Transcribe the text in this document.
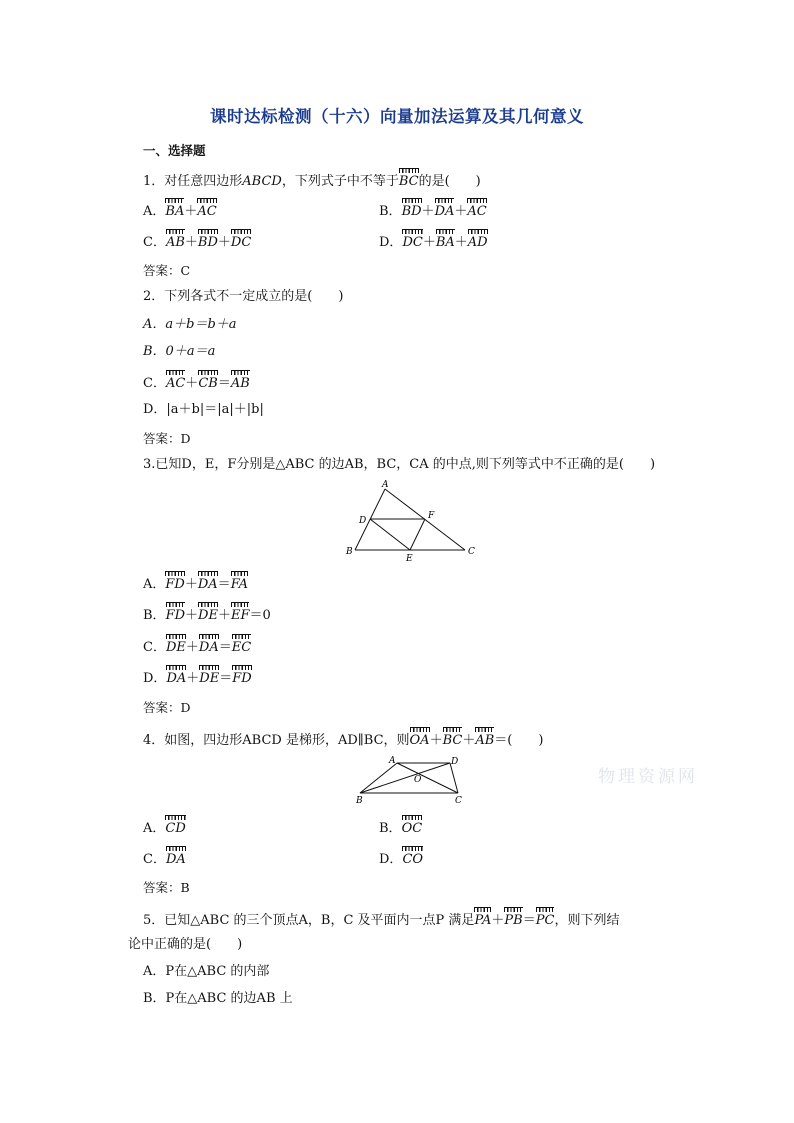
课时达标检测（十六）向量加法运算及其几何意义
一、选择题
1．对任意四边形ABCD，下列式子中不等于BC的是(　　)
A．BA＋AC	B．BD＋DA＋AC
C．AB＋BD＋DC	D．DC＋BA＋AD
答案：C
2．下列各式不一定成立的是(　　)
A．a＋b＝b＋a
B．0＋a＝a
C．AC＋CB＝AB
D．|a＋b|＝|a|＋|b|
答案：D
3.已知D，E，F分别是△ABC 的边AB，BC，CA 的中点,则下列等式中不正确的是(　　)
A
D	F
B
E
C
A．FD＋DA＝FA
B．FD＋DE＋EF＝0
C．DE＋DA＝EC
D．DA＋DE＝FD
答案：D
4．如图，四边形ABCD 是梯形，AD∥BC，则OA＋BC＋AB＝(　　)
A	D
O
B	C
A．CD	B．OC
C．DA	D．CO
答案：B
5．已知△ABC 的三个顶点A，B，C 及平面内一点P 满足PA＋PB＝PC，则下列结
论中正确的是(　　)
A．P在△ABC 的内部
B．P在△ABC 的边AB 上
物理资源网
